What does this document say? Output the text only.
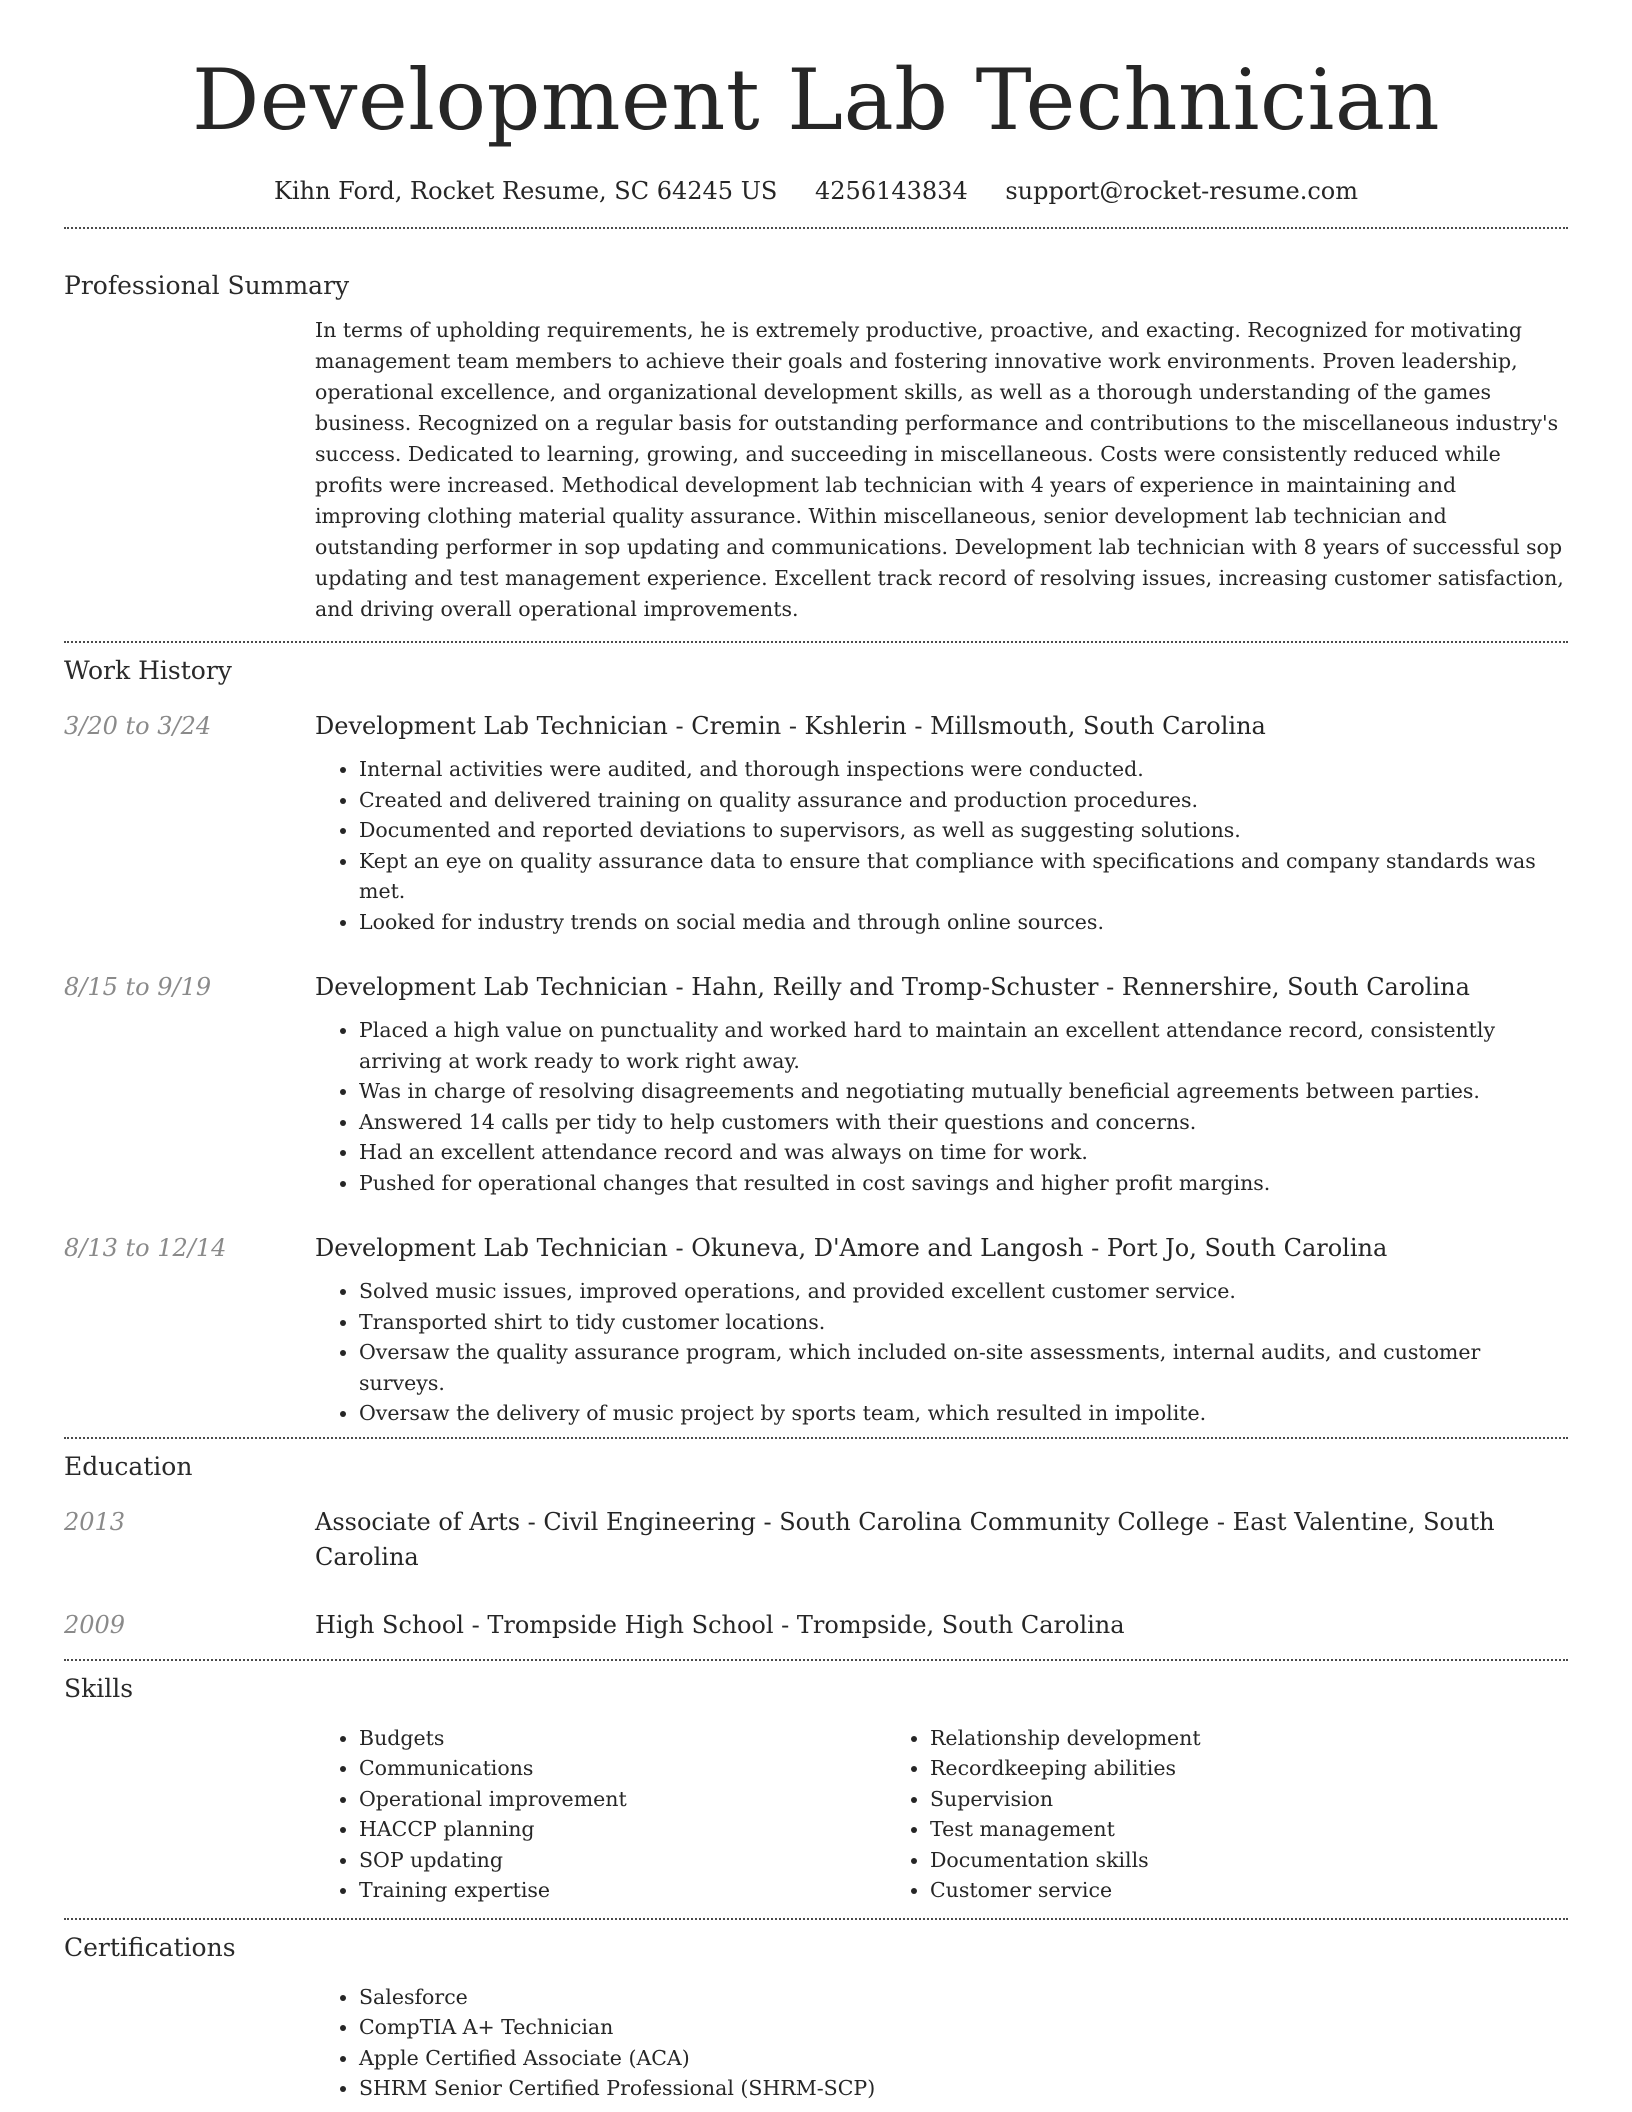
Development Lab Technician
Kihn Ford, Rocket Resume, SC 64245 US 4256143834 support@rocket-resume.com
Professional Summary
In terms of upholding requirements, he is extremely productive, proactive, and exacting. Recognized for motivating management team members to achieve their goals and fostering innovative work environments. Proven leadership, operational excellence, and organizational development skills, as well as a thorough understanding of the games business. Recognized on a regular basis for outstanding performance and contributions to the miscellaneous industry's success. Dedicated to learning, growing, and succeeding in miscellaneous. Costs were consistently reduced while profits were increased. Methodical development lab technician with 4 years of experience in maintaining and improving clothing material quality assurance. Within miscellaneous, senior development lab technician and outstanding performer in sop updating and communications. Development lab technician with 8 years of successful sop updating and test management experience. Excellent track record of resolving issues, increasing customer satisfaction, and driving overall operational improvements.
Work History
3/20 to 3/24	Development Lab Technician - Cremin - Kshlerin - Millsmouth, South Carolina
• Internal activities were audited, and thorough inspections were conducted.
• Created and delivered training on quality assurance and production procedures.
• Documented and reported deviations to supervisors, as well as suggesting solutions.
• Kept an eye on quality assurance data to ensure that compliance with specifications and company standards was met.
• Looked for industry trends on social media and through online sources.
8/15 to 9/19	Development Lab Technician - Hahn, Reilly and Tromp-Schuster - Rennershire, South Carolina
• Placed a high value on punctuality and worked hard to maintain an excellent attendance record, consistently arriving at work ready to work right away.
• Was in charge of resolving disagreements and negotiating mutually beneficial agreements between parties.
• Answered 14 calls per tidy to help customers with their questions and concerns.
• Had an excellent attendance record and was always on time for work.
• Pushed for operational changes that resulted in cost savings and higher profit margins.
8/13 to 12/14	Development Lab Technician - Okuneva, D'Amore and Langosh - Port Jo, South Carolina
• Solved music issues, improved operations, and provided excellent customer service.
• Transported shirt to tidy customer locations.
• Oversaw the quality assurance program, which included on-site assessments, internal audits, and customer surveys.
• Oversaw the delivery of music project by sports team, which resulted in impolite.
Education
2013	Associate of Arts - Civil Engineering - South Carolina Community College - East Valentine, South Carolina
2009	High School - Trompside High School - Trompside, South Carolina
Skills
• Budgets
• Communications
• Operational improvement
• HACCP planning
• SOP updating
• Training expertise
• Relationship development
• Recordkeeping abilities
• Supervision
• Test management
• Documentation skills
• Customer service
Certifications
• Salesforce
• CompTIA A+ Technician
• Apple Certified Associate (ACA)
• SHRM Senior Certified Professional (SHRM-SCP)
